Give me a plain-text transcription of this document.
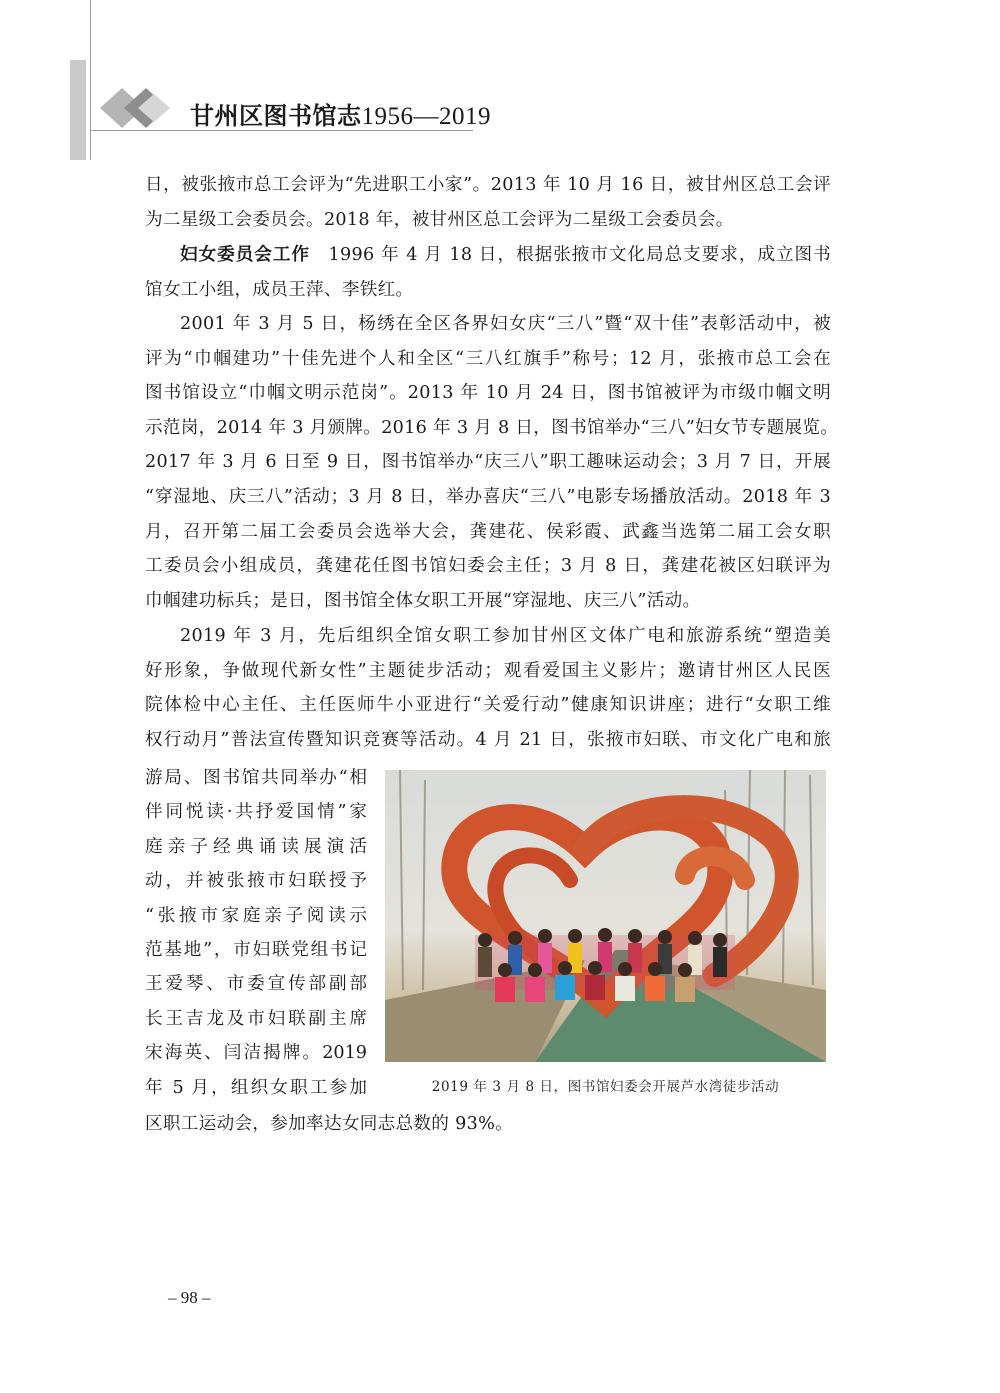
甘州区图书馆志1956—2019
日，被张掖市总工会评为“先进职工小家”。2013 年 10 月 16 日，被甘州区总工会评
为二星级工会委员会。2018 年，被甘州区总工会评为二星级工会委员会。
妇女委员会工作　1996 年 4 月 18 日，根据张掖市文化局总支要求，成立图书
馆女工小组，成员王萍、李铁红。
2001 年 3 月 5 日，杨绣在全区各界妇女庆“三八”暨“双十佳”表彰活动中，被
评为“巾帼建功”十佳先进个人和全区“三八红旗手”称号；12 月，张掖市总工会在
图书馆设立“巾帼文明示范岗”。2013 年 10 月 24 日，图书馆被评为市级巾帼文明
示范岗，2014 年 3 月颁牌。2016 年 3 月 8 日，图书馆举办“三八”妇女节专题展览。
2017 年 3 月 6 日至 9 日，图书馆举办“庆三八”职工趣味运动会；3 月 7 日，开展
“穿湿地、庆三八”活动；3 月 8 日，举办喜庆“三八”电影专场播放活动。2018 年 3
月，召开第二届工会委员会选举大会，龚建花、侯彩霞、武鑫当选第二届工会女职
工委员会小组成员，龚建花任图书馆妇委会主任；3 月 8 日，龚建花被区妇联评为
巾帼建功标兵；是日，图书馆全体女职工开展“穿湿地、庆三八”活动。
2019 年 3 月，先后组织全馆女职工参加甘州区文体广电和旅游系统“塑造美
好形象，争做现代新女性”主题徒步活动；观看爱国主义影片；邀请甘州区人民医
院体检中心主任、主任医师牛小亚进行“关爱行动”健康知识讲座；进行“女职工维
权行动月”普法宣传暨知识竞赛等活动。4 月 21 日，张掖市妇联、市文化广电和旅
游局、图书馆共同举办“相
伴同悦读·共抒爱国情”家
庭亲子经典诵读展演活
动，并被张掖市妇联授予
“张掖市家庭亲子阅读示
范基地”，市妇联党组书记
王爱琴、市委宣传部副部
长王吉龙及市妇联副主席
宋海英、闫洁揭牌。2019
年 5 月，组织女职工参加	2019 年 3 月 8 日，图书馆妇委会开展芦水湾徒步活动
区职工运动会，参加率达女同志总数的 93%。
– 98 –
